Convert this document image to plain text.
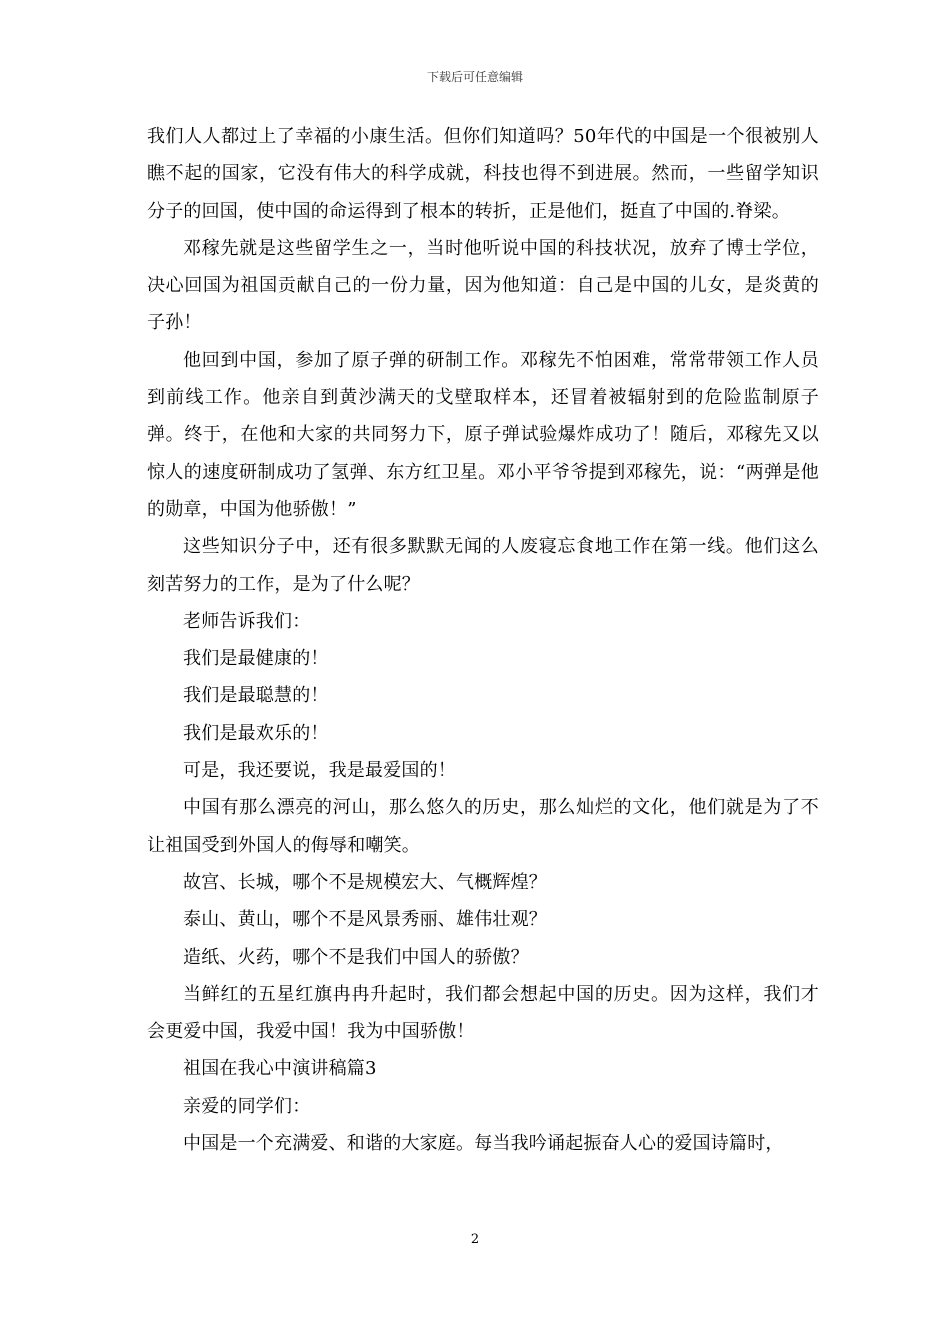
下载后可任意编辑

我们人人都过上了幸福的小康生活。但你们知道吗？50年代的中国是一个很被别人瞧不起的国家，它没有伟大的科学成就，科技也得不到进展。然而，一些留学知识分子的回国，使中国的命运得到了根本的转折，正是他们，挺直了中国的.脊梁。

邓稼先就是这些留学生之一，当时他听说中国的科技状况，放弃了博士学位，决心回国为祖国贡献自己的一份力量，因为他知道：自己是中国的儿女，是炎黄的子孙！

他回到中国，参加了原子弹的研制工作。邓稼先不怕困难，常常带领工作人员到前线工作。他亲自到黄沙满天的戈壁取样本，还冒着被辐射到的危险监制原子弹。终于，在他和大家的共同努力下，原子弹试验爆炸成功了！随后，邓稼先又以惊人的速度研制成功了氢弹、东方红卫星。邓小平爷爷提到邓稼先，说：“两弹是他的勋章，中国为他骄傲！”

这些知识分子中，还有很多默默无闻的人废寝忘食地工作在第一线。他们这么刻苦努力的工作，是为了什么呢？

老师告诉我们：

我们是最健康的！

我们是最聪慧的！

我们是最欢乐的！

可是，我还要说，我是最爱国的！

中国有那么漂亮的河山，那么悠久的历史，那么灿烂的文化，他们就是为了不让祖国受到外国人的侮辱和嘲笑。

故宫、长城，哪个不是规模宏大、气概辉煌？

泰山、黄山，哪个不是风景秀丽、雄伟壮观？

造纸、火药，哪个不是我们中国人的骄傲？

当鲜红的五星红旗冉冉升起时，我们都会想起中国的历史。因为这样，我们才会更爱中国，我爱中国！我为中国骄傲！

祖国在我心中演讲稿篇3

亲爱的同学们：

中国是一个充满爱、和谐的大家庭。每当我吟诵起振奋人心的爱国诗篇时，

2
